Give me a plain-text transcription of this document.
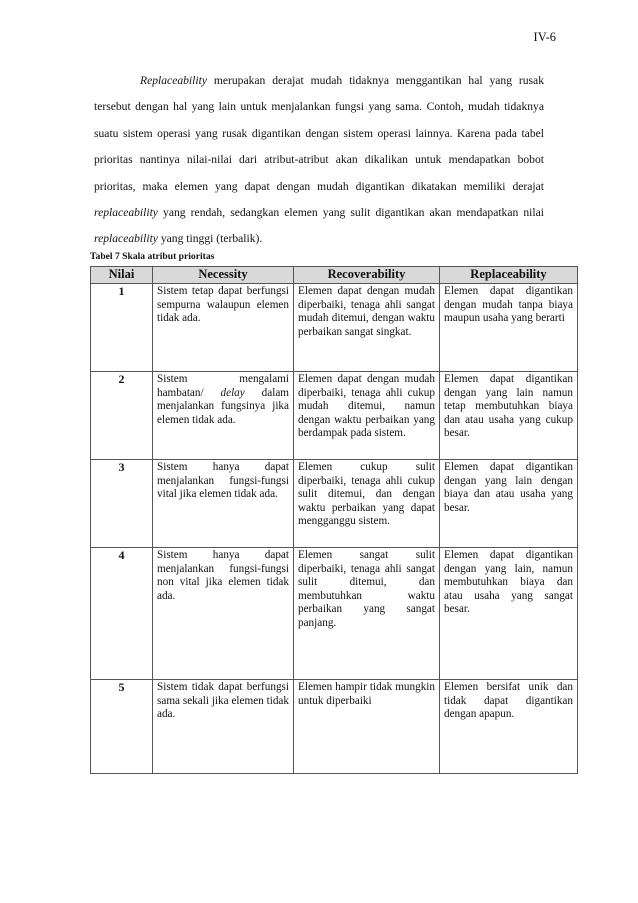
IV-6

Replaceability merupakan derajat mudah tidaknya menggantikan hal yang rusak tersebut dengan hal yang lain untuk menjalankan fungsi yang sama. Contoh, mudah tidaknya suatu sistem operasi yang rusak digantikan dengan sistem operasi lainnya. Karena pada tabel prioritas nantinya nilai-nilai dari atribut-atribut akan dikalikan untuk mendapatkan bobot prioritas, maka elemen yang dapat dengan mudah digantikan dikatakan memiliki derajat replaceability yang rendah, sedangkan elemen yang sulit digantikan akan mendapatkan nilai replaceability yang tinggi (terbalik).

Tabel 7 Skala atribut prioritas
Nilai	Necessity	Recoverability	Replaceability
1	Sistem tetap dapat berfungsi sempurna walaupun elemen tidak ada.	Elemen dapat dengan mudah diperbaiki, tenaga ahli sangat mudah ditemui, dengan waktu perbaikan sangat singkat.	Elemen dapat digantikan dengan mudah tanpa biaya maupun usaha yang berarti
2	Sistem mengalami hambatan/ delay dalam menjalankan fungsinya jika elemen tidak ada.	Elemen dapat dengan mudah diperbaiki, tenaga ahli cukup mudah ditemui, namun dengan waktu perbaikan yang berdampak pada sistem.	Elemen dapat digantikan dengan yang lain namun tetap membutuhkan biaya dan atau usaha yang cukup besar.
3	Sistem hanya dapat menjalankan fungsi-fungsi vital jika elemen tidak ada.	Elemen cukup sulit diperbaiki, tenaga ahli cukup sulit ditemui, dan dengan waktu perbaikan yang dapat mengganggu sistem.	Elemen dapat digantikan dengan yang lain dengan biaya dan atau usaha yang besar.
4	Sistem hanya dapat menjalankan fungsi-fungsi non vital jika elemen tidak ada.	Elemen sangat sulit diperbaiki, tenaga ahli sangat sulit ditemui, dan membutuhkan waktu perbaikan yang sangat panjang.	Elemen dapat digantikan dengan yang lain, namun membutuhkan biaya dan atau usaha yang sangat besar.
5	Sistem tidak dapat berfungsi sama sekali jika elemen tidak ada.	Elemen hampir tidak mungkin untuk diperbaiki	Elemen bersifat unik dan tidak dapat digantikan dengan apapun.
